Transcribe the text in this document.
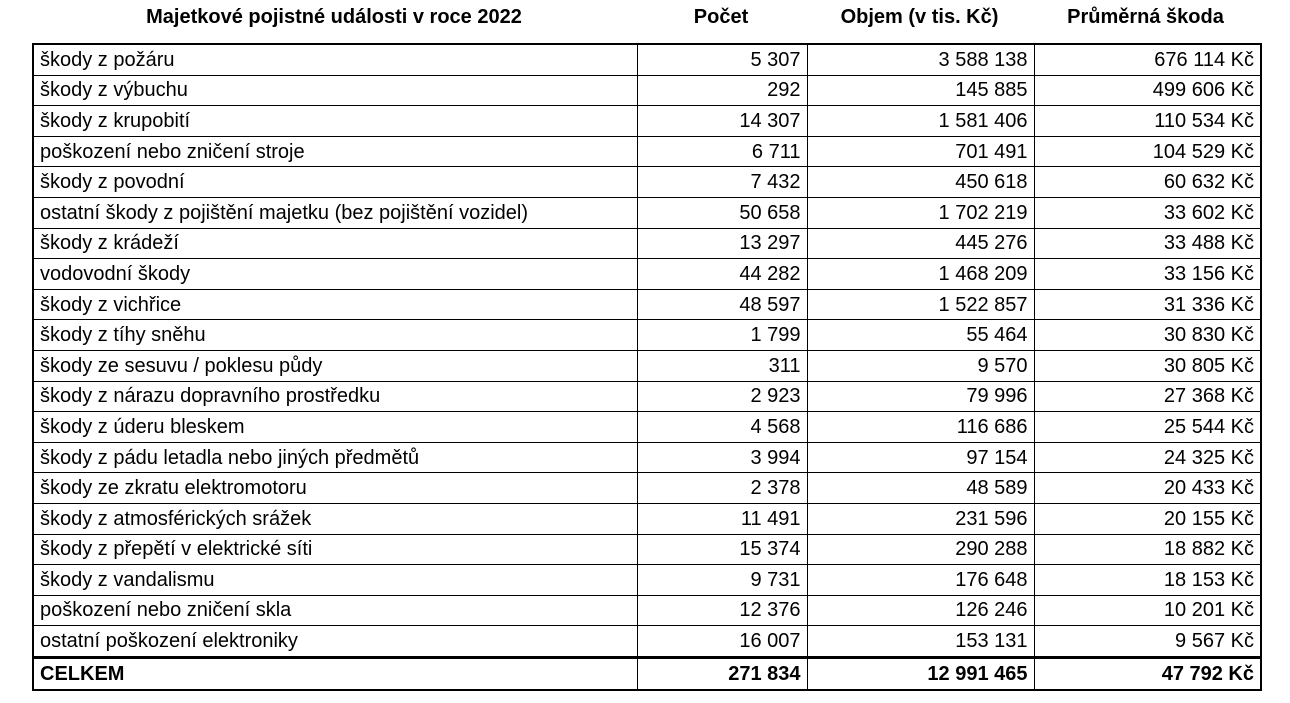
Majetkové pojistné události v roce 2022	Počet	Objem (v tis. Kč)	Průměrná škoda
škody z požáru	5 307	3 588 138	676 114 Kč
škody z výbuchu	292	145 885	499 606 Kč
škody z krupobití	14 307	1 581 406	110 534 Kč
poškození nebo zničení stroje	6 711	701 491	104 529 Kč
škody z povodní	7 432	450 618	60 632 Kč
ostatní škody z pojištění majetku (bez pojištění vozidel)	50 658	1 702 219	33 602 Kč
škody z krádeží	13 297	445 276	33 488 Kč
vodovodní škody	44 282	1 468 209	33 156 Kč
škody z vichřice	48 597	1 522 857	31 336 Kč
škody z tíhy sněhu	1 799	55 464	30 830 Kč
škody ze sesuvu / poklesu půdy	311	9 570	30 805 Kč
škody z nárazu dopravního prostředku	2 923	79 996	27 368 Kč
škody z úderu bleskem	4 568	116 686	25 544 Kč
škody z pádu letadla nebo jiných předmětů	3 994	97 154	24 325 Kč
škody ze zkratu elektromotoru	2 378	48 589	20 433 Kč
škody z atmosférických srážek	11 491	231 596	20 155 Kč
škody z přepětí v elektrické síti	15 374	290 288	18 882 Kč
škody z vandalismu	9 731	176 648	18 153 Kč
poškození nebo zničení skla	12 376	126 246	10 201 Kč
ostatní poškození elektroniky	16 007	153 131	9 567 Kč
CELKEM	271 834	12 991 465	47 792 Kč
